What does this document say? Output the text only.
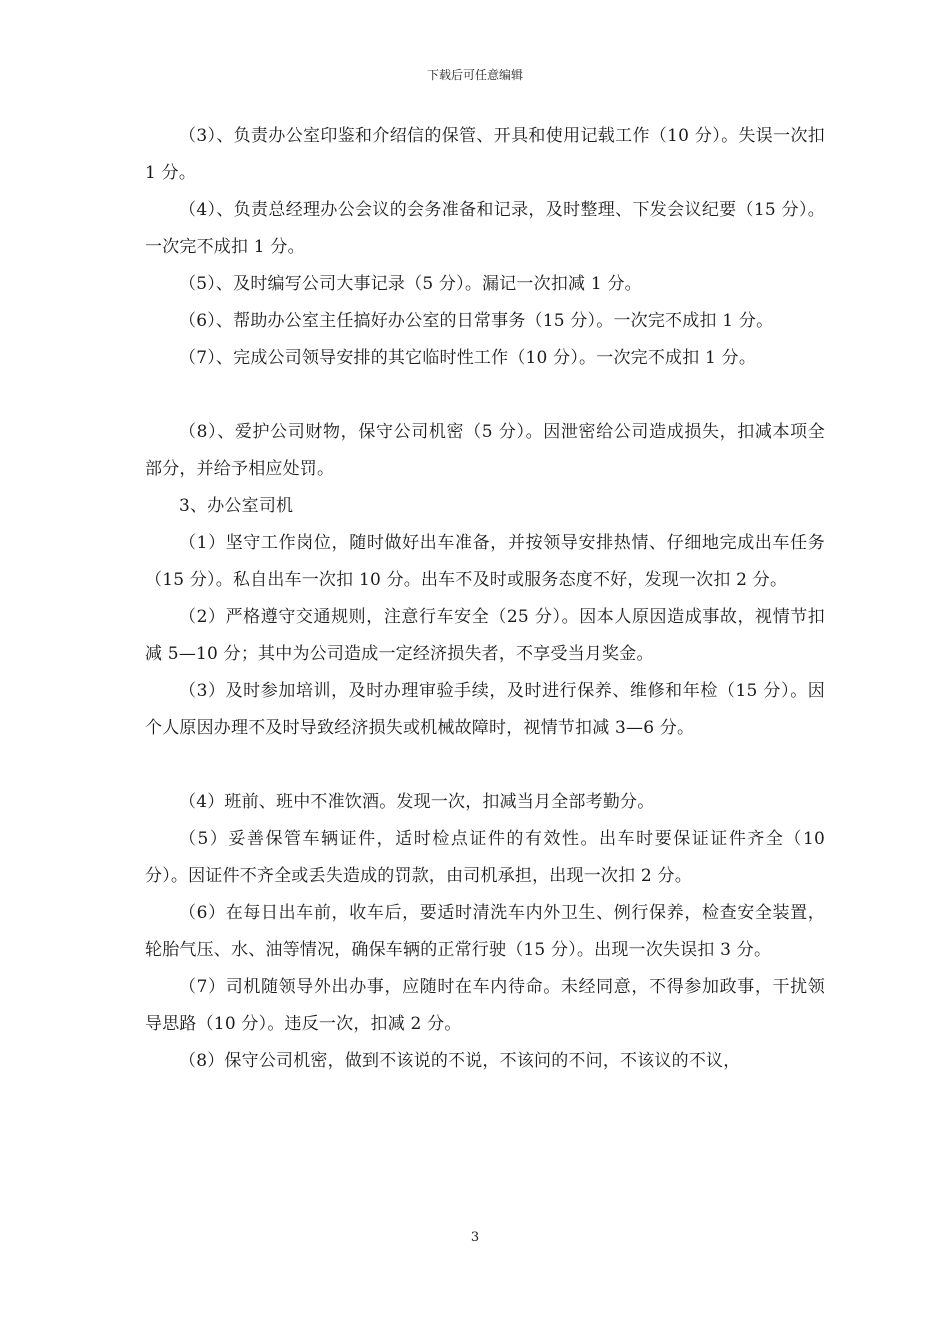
下载后可任意编辑

（3）、负责办公室印鉴和介绍信的保管、开具和使用记载工作（10 分）。失误一次扣 1 分。

（4）、负责总经理办公会议的会务准备和记录，及时整理、下发会议纪要（15 分）。一次完不成扣 1 分。

（5）、及时编写公司大事记录（5 分）。漏记一次扣减 1 分。

（6）、帮助办公室主任搞好办公室的日常事务（15 分）。一次完不成扣 1 分。

（7）、完成公司领导安排的其它临时性工作（10 分）。一次完不成扣 1 分。

（8）、爱护公司财物，保守公司机密（5 分）。因泄密给公司造成损失，扣减本项全部分，并给予相应处罚。

3、办公室司机

（1）坚守工作岗位，随时做好出车准备，并按领导安排热情、仔细地完成出车任务（15 分）。私自出车一次扣 10 分。出车不及时或服务态度不好，发现一次扣 2 分。

（2）严格遵守交通规则，注意行车安全（25 分）。因本人原因造成事故，视情节扣减 5—10 分；其中为公司造成一定经济损失者，不享受当月奖金。

（3）及时参加培训，及时办理审验手续，及时进行保养、维修和年检（15 分）。因个人原因办理不及时导致经济损失或机械故障时，视情节扣减 3—6 分。

（4）班前、班中不准饮酒。发现一次，扣减当月全部考勤分。

（5）妥善保管车辆证件，适时检点证件的有效性。出车时要保证证件齐全（10 分）。因证件不齐全或丢失造成的罚款，由司机承担，出现一次扣 2 分。

（6）在每日出车前，收车后，要适时清洗车内外卫生、例行保养，检查安全装置，轮胎气压、水、油等情况，确保车辆的正常行驶（15 分）。出现一次失误扣 3 分。

（7）司机随领导外出办事，应随时在车内待命。未经同意，不得参加政事，干扰领导思路（10 分）。违反一次，扣减 2 分。

（8）保守公司机密，做到不该说的不说，不该问的不问，不该议的不议，

3
